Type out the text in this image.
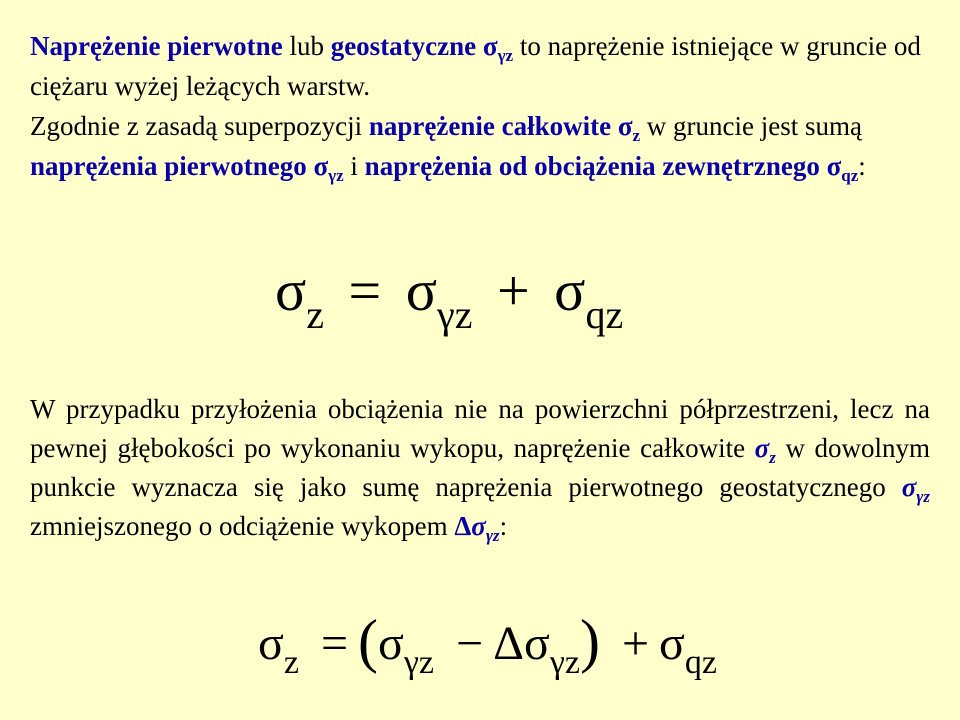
Naprężenie pierwotne lub geostatyczne $\sigma_{\gamma z}$ to naprężenie istniejące w gruncie od ciężaru wyżej leżących warstw.
Zgodnie z zasadą superpozycji naprężenie całkowite $\sigma_z$ w gruncie jest sumą naprężenia pierwotnego $\sigma_{\gamma z}$ i naprężenia od obciążenia zewnętrznego $\sigma_{qz}$:
$\sigma_z = \sigma_{\gamma z} + \sigma_{qz}$
W przypadku przyłożenia obciążenia nie na powierzchni półprzestrzeni, lecz na pewnej głębokości po wykonaniu wykopu, naprężenie całkowite $\sigma_z$ w dowolnym punkcie wyznacza się jako sumę naprężenia pierwotnego geostatycznego $\sigma_{\gamma z}$ zmniejszonego o odciążenie wykopem $\Delta\sigma_{\gamma z}$:
$\sigma_z = (\sigma_{\gamma z} - \Delta\sigma_{\gamma z}) + \sigma_{qz}$
